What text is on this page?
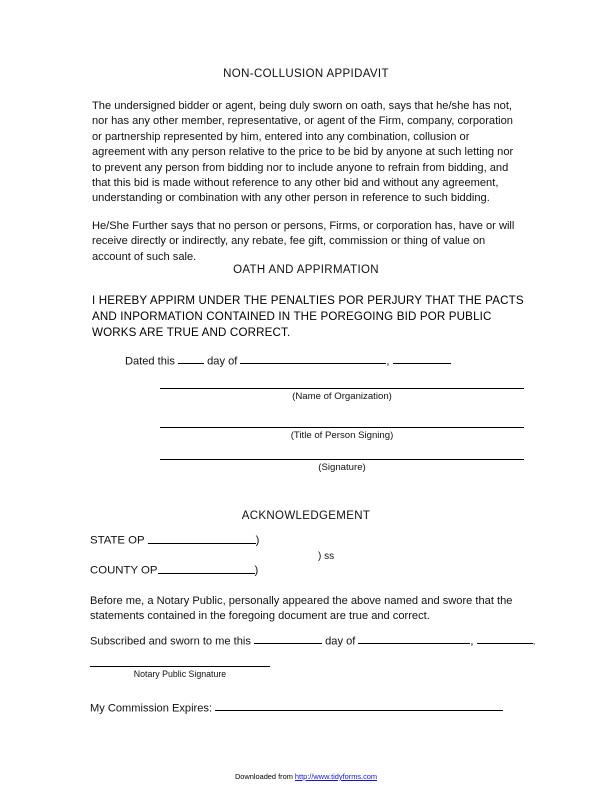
NON-COLLUSION APPIDAVIT
The undersigned bidder or agent, being duly sworn on oath, says that he/she has not, nor has any other member, representative, or agent of the Firm, company, corporation or partnership represented by him, entered into any combination, collusion or agreement with any person relative to the price to be bid by anyone at such letting nor to prevent any person from bidding nor to include anyone to refrain from bidding, and that this bid is made without reference to any other bid and without any agreement, understanding or combination with any other person in reference to such bidding.
He/She Further says that no person or persons, Firms, or corporation has, have or will receive directly or indirectly, any rebate, fee gift, commission or thing of value on account of such sale.
OATH AND APPIRMATION
I HEREBY APPIRM UNDER THE PENALTIES POR PERJURY THAT THE PACTS AND INPORMATION CONTAINED IN THE POREGOING BID POR PUBLIC WORKS ARE TRUE AND CORRECT.
Dated this  day of	,
(Name of Organization)
(Title of Person Signing)
(Signature)
ACKNOWLEDGEMENT
STATE OP	)
COUNTY OP	)
) ss
Before me, a Notary Public, personally appeared the above named and swore that the statements contained in the foregoing document are true and correct.
Subscribed and sworn to me this	day of	,	.
Notary Public Signature
My Commission Expires:
Downloaded from http://www.tidyforms.com
